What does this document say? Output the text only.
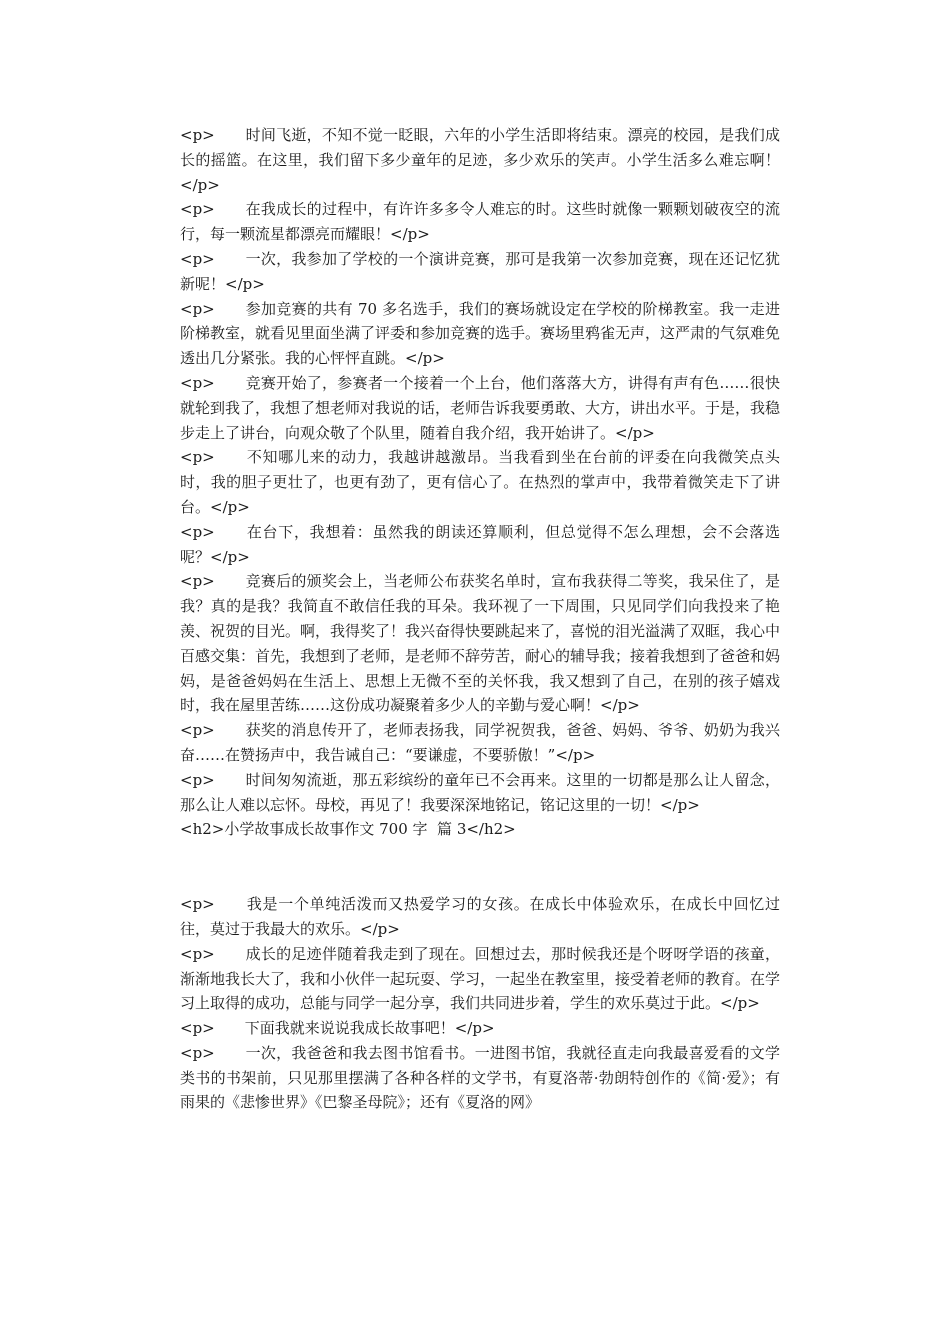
<p>　　时间飞逝，不知不觉一眨眼，六年的小学生活即将结束。漂亮的校园，是我们成长的摇篮。在这里，我们留下多少童年的足迹，多少欢乐的笑声。小学生活多么难忘啊！</p>

<p>　　在我成长的过程中，有许许多多令人难忘的时。这些时就像一颗颗划破夜空的流行，每一颗流星都漂亮而耀眼！</p>

<p>　　一次，我参加了学校的一个演讲竞赛，那可是我第一次参加竞赛，现在还记忆犹新呢！</p>

<p>　　参加竞赛的共有 70 多名选手，我们的赛场就设定在学校的阶梯教室。我一走进阶梯教室，就看见里面坐满了评委和参加竞赛的选手。赛场里鸦雀无声，这严肃的气氛难免透出几分紧张。我的心怦怦直跳。</p>

<p>　　竞赛开始了，参赛者一个接着一个上台，他们落落大方，讲得有声有色……很快就轮到我了，我想了想老师对我说的话，老师告诉我要勇敢、大方，讲出水平。于是，我稳步走上了讲台，向观众敬了个队里，随着自我介绍，我开始讲了。</p>

<p>　　不知哪儿来的动力，我越讲越激昂。当我看到坐在台前的评委在向我微笑点头时，我的胆子更壮了，也更有劲了，更有信心了。在热烈的掌声中，我带着微笑走下了讲台。</p>

<p>　　在台下，我想着：虽然我的朗读还算顺利，但总觉得不怎么理想，会不会落选呢？</p>

<p>　　竞赛后的颁奖会上，当老师公布获奖名单时，宣布我获得二等奖，我呆住了，是我？真的是我？我简直不敢信任我的耳朵。我环视了一下周围，只见同学们向我投来了艳羡、祝贺的目光。啊，我得奖了！我兴奋得快要跳起来了，喜悦的泪光溢满了双眶，我心中百感交集：首先，我想到了老师，是老师不辞劳苦，耐心的辅导我；接着我想到了爸爸和妈妈，是爸爸妈妈在生活上、思想上无微不至的关怀我，我又想到了自己，在别的孩子嬉戏时，我在屋里苦练……这份成功凝聚着多少人的辛勤与爱心啊！</p>

<p>　　获奖的消息传开了，老师表扬我，同学祝贺我，爸爸、妈妈、爷爷、奶奶为我兴奋……在赞扬声中，我告诫自己：“要谦虚，不要骄傲！”</p>

<p>　　时间匆匆流逝，那五彩缤纷的童年已不会再来。这里的一切都是那么让人留念，那么让人难以忘怀。母校，再见了！我要深深地铭记，铭记这里的一切！</p>

<h2>小学故事成长故事作文 700 字  篇 3</h2>

<p>　　我是一个单纯活泼而又热爱学习的女孩。在成长中体验欢乐，在成长中回忆过往，莫过于我最大的欢乐。</p>

<p>　　成长的足迹伴随着我走到了现在。回想过去，那时候我还是个呀呀学语的孩童，渐渐地我长大了，我和小伙伴一起玩耍、学习，一起坐在教室里，接受着老师的教育。在学习上取得的成功，总能与同学一起分享，我们共同进步着，学生的欢乐莫过于此。</p>

<p>　　下面我就来说说我成长故事吧！</p>

<p>　　一次，我爸爸和我去图书馆看书。一进图书馆，我就径直走向我最喜爱看的文学类书的书架前，只见那里摆满了各种各样的文学书，有夏洛蒂·勃朗特创作的《简·爱》；有雨果的《悲惨世界》《巴黎圣母院》；还有《夏洛的网》
